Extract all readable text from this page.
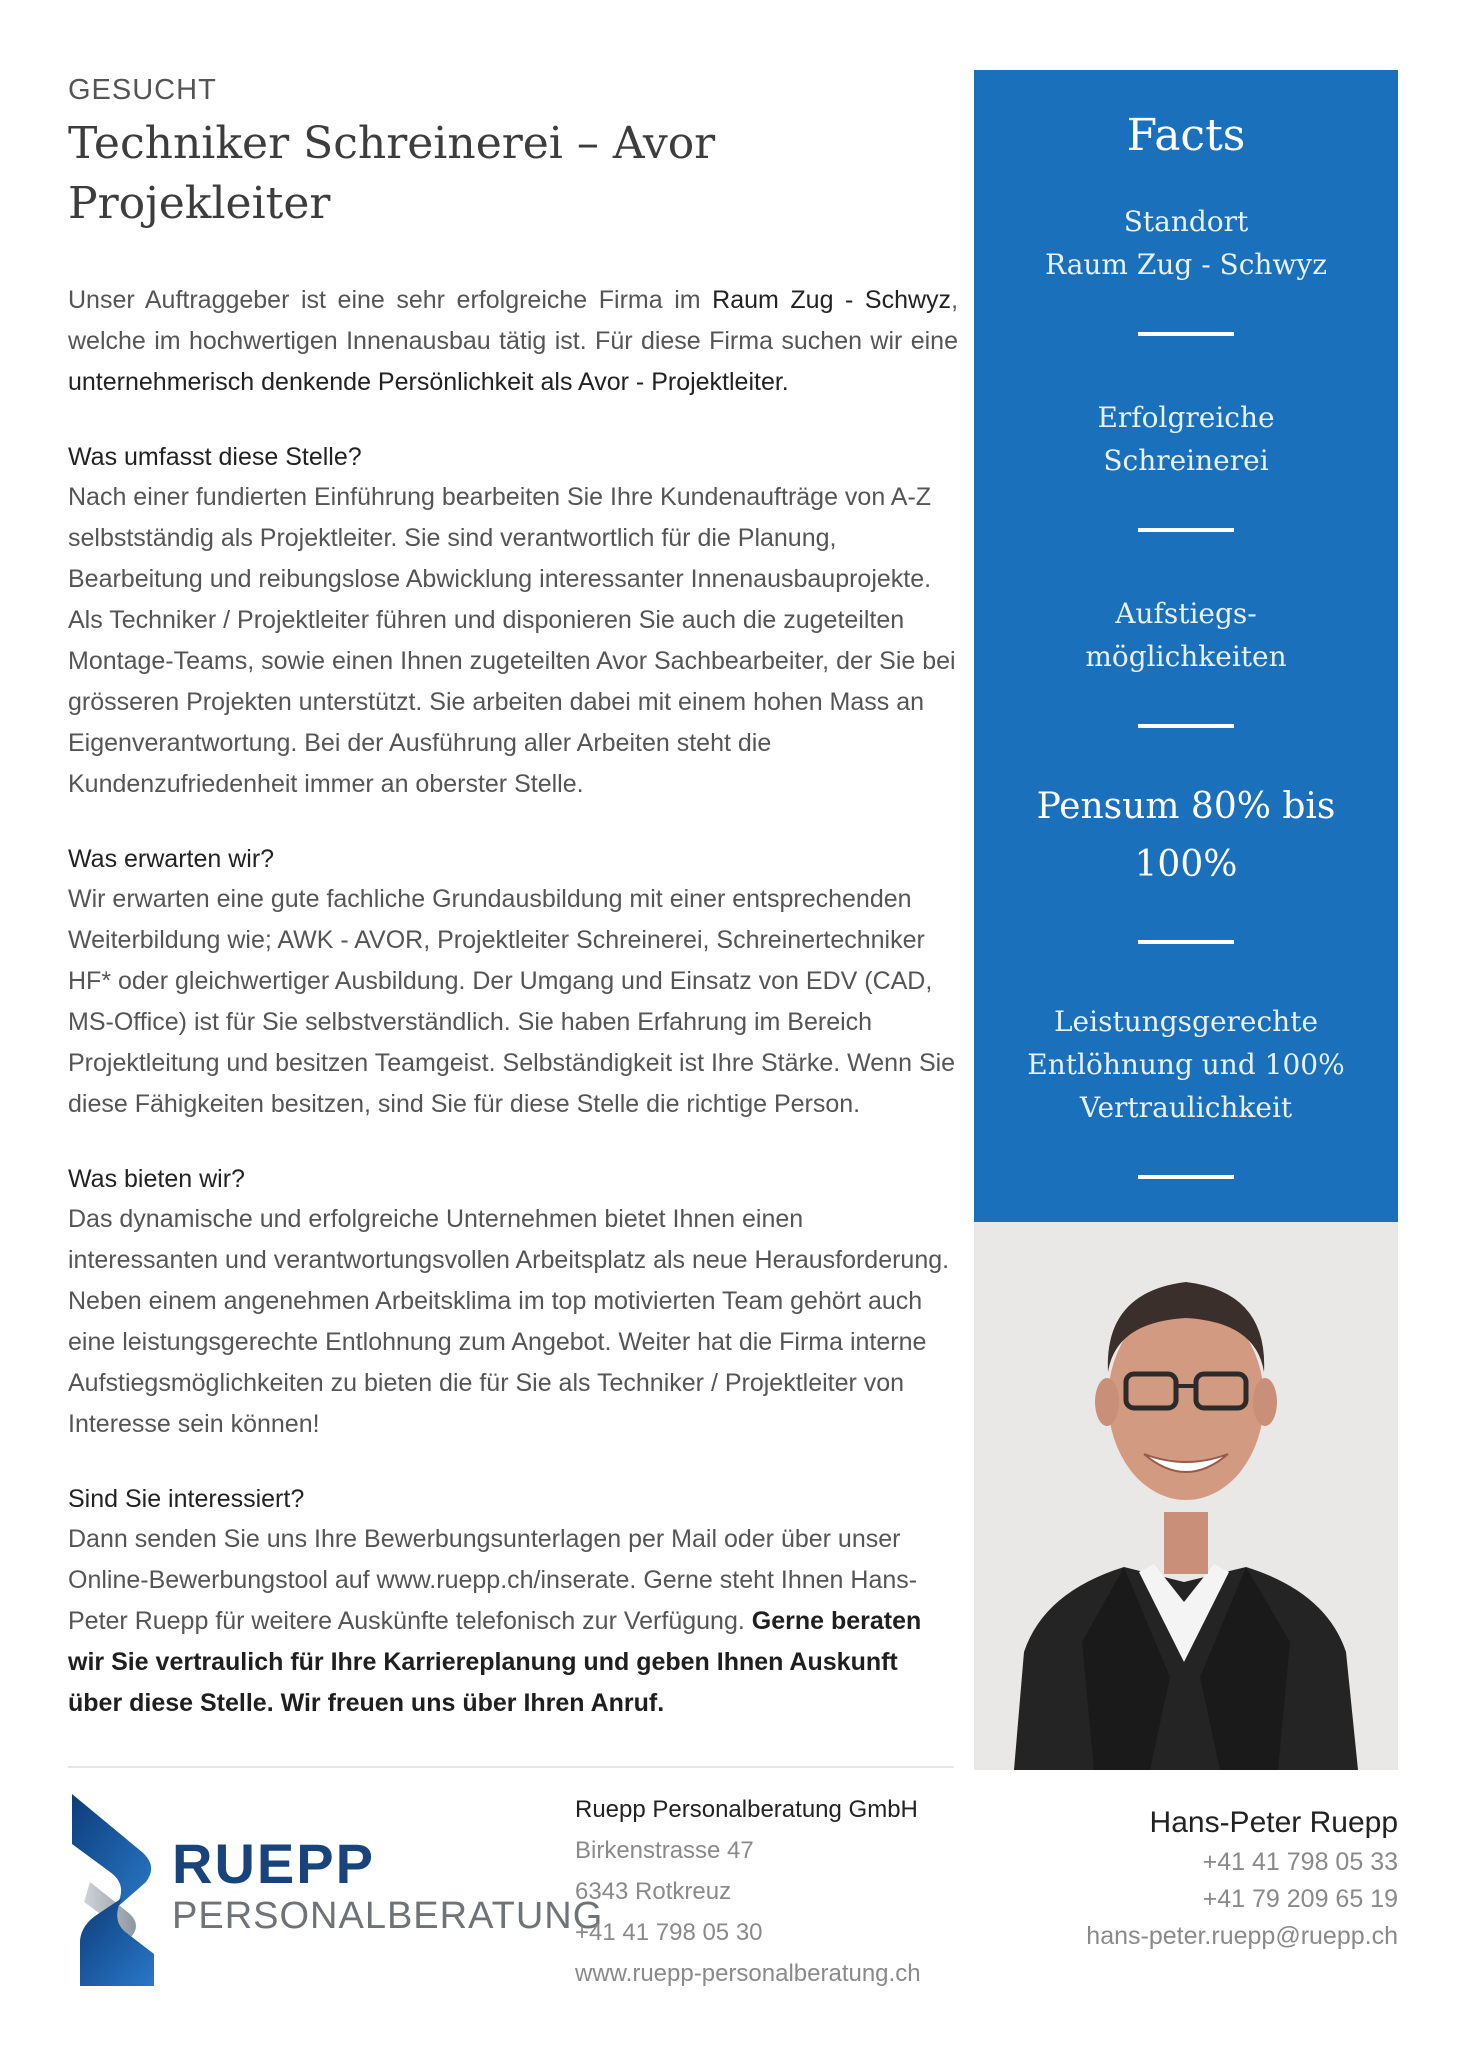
GESUCHT

Techniker Schreinerei – Avor Projekleiter
Unser Auftraggeber ist eine sehr erfolgreiche Firma im Raum Zug - Schwyz, welche im hochwertigen Innenausbau tätig ist. Für diese Firma suchen wir eine unternehmerisch denkende Persönlichkeit als Avor - Projektleiter.
Was umfasst diese Stelle?

Nach einer fundierten Einführung bearbeiten Sie Ihre Kundenaufträge von A-Z selbstständig als Projektleiter. Sie sind verantwortlich für die Planung, Bearbeitung und reibungslose Abwicklung interessanter Innenausbauprojekte. Als Techniker / Projektleiter führen und disponieren Sie auch die zugeteilten Montage-Teams, sowie einen Ihnen zugeteilten Avor Sachbearbeiter, der Sie bei grösseren Projekten unterstützt. Sie arbeiten dabei mit einem hohen Mass an Eigenverantwortung. Bei der Ausführung aller Arbeiten steht die Kundenzufriedenheit immer an oberster Stelle.

Was erwarten wir?

Wir erwarten eine gute fachliche Grundausbildung mit einer entsprechenden Weiterbildung wie; AWK - AVOR, Projektleiter Schreinerei, Schreinertechniker HF* oder gleichwertiger Ausbildung. Der Umgang und Einsatz von EDV (CAD, MS-Office) ist für Sie selbstverständlich. Sie haben Erfahrung im Bereich Projektleitung und besitzen Teamgeist. Selbständigkeit ist Ihre Stärke. Wenn Sie diese Fähigkeiten besitzen, sind Sie für diese Stelle die richtige Person.

Was bieten wir?

Das dynamische und erfolgreiche Unternehmen bietet Ihnen einen interessanten und verantwortungsvollen Arbeitsplatz als neue Herausforderung. Neben einem angenehmen Arbeitsklima im top motivierten Team gehört auch eine leistungsgerechte Entlohnung zum Angebot. Weiter hat die Firma interne Aufstiegsmöglichkeiten zu bieten die für Sie als Techniker / Projektleiter von Interesse sein können!

Sind Sie interessiert?

Dann senden Sie uns Ihre Bewerbungsunterlagen per Mail oder über unser Online-Bewerbungstool auf www.ruepp.ch/inserate. Gerne steht Ihnen Hans-Peter Ruepp für weitere Auskünfte telefonisch zur Verfügung. Gerne beraten wir Sie vertraulich für Ihre Karriereplanung und geben Ihnen Auskunft über diese Stelle. Wir freuen uns über Ihren Anruf.

Facts
Standort
Raum Zug - Schwyz
Erfolgreiche
Schreinerei
Aufstiegs-
möglichkeiten
Pensum 80% bis
100%
Leistungsgerechte
Entlöhnung und 100%
Vertraulichkeit
RUEPP
PERSONALBERATUNG

Ruepp Personalberatung GmbH

Birkenstrasse 47

6343 Rotkreuz

+41 41 798 05 30

www.ruepp-personalberatung.ch

Hans-Peter Ruepp

+41 41 798 05 33

+41 79 209 65 19

hans-peter.ruepp@ruepp.ch
